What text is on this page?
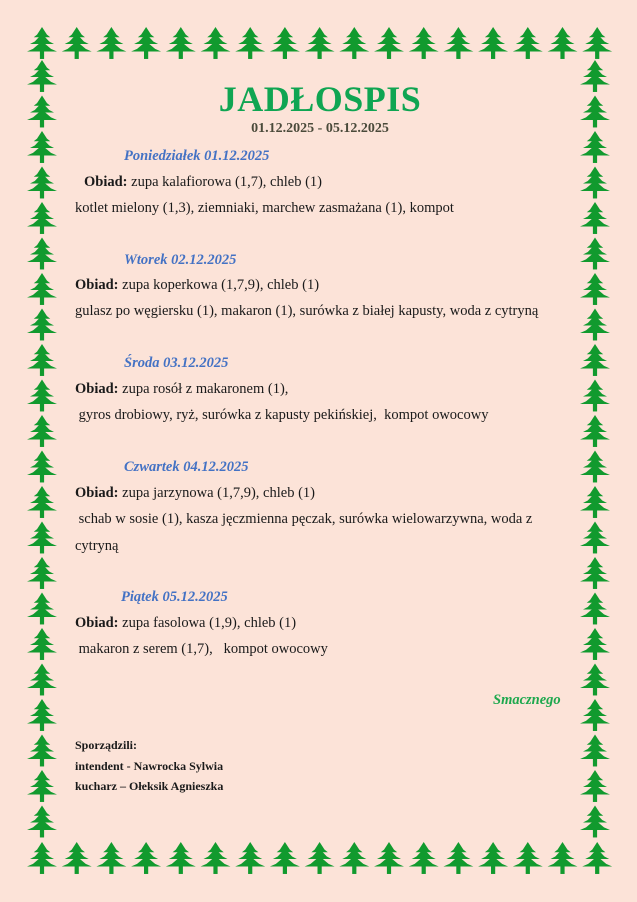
JADŁOSPIS
01.12.2025 - 05.12.2025
Poniedziałek 01.12.2025
Obiad: zupa kalafiorowa (1,7), chleb (1)
kotlet mielony (1,3), ziemniaki, marchew zasmażana (1), kompot
Wtorek 02.12.2025
Obiad: zupa koperkowa (1,7,9), chleb (1)
gulasz po węgiersku (1), makaron (1), surówka z białej kapusty, woda z cytryną
Środa 03.12.2025
Obiad: zupa rosół z makaronem (1),
gyros drobiowy, ryż, surówka z kapusty pekińskiej,  kompot owocowy
Czwartek 04.12.2025
Obiad: zupa jarzynowa (1,7,9), chleb (1)
schab w sosie (1), kasza jęczmienna pęczak, surówka wielowarzywna, woda z
cytryną
Piątek 05.12.2025
Obiad: zupa fasolowa (1,9), chleb (1)
makaron z serem (1,7),   kompot owocowy
Smacznego
Sporządzili:
intendent - Nawrocka Sylwia
kucharz – Ołeksik Agnieszka
